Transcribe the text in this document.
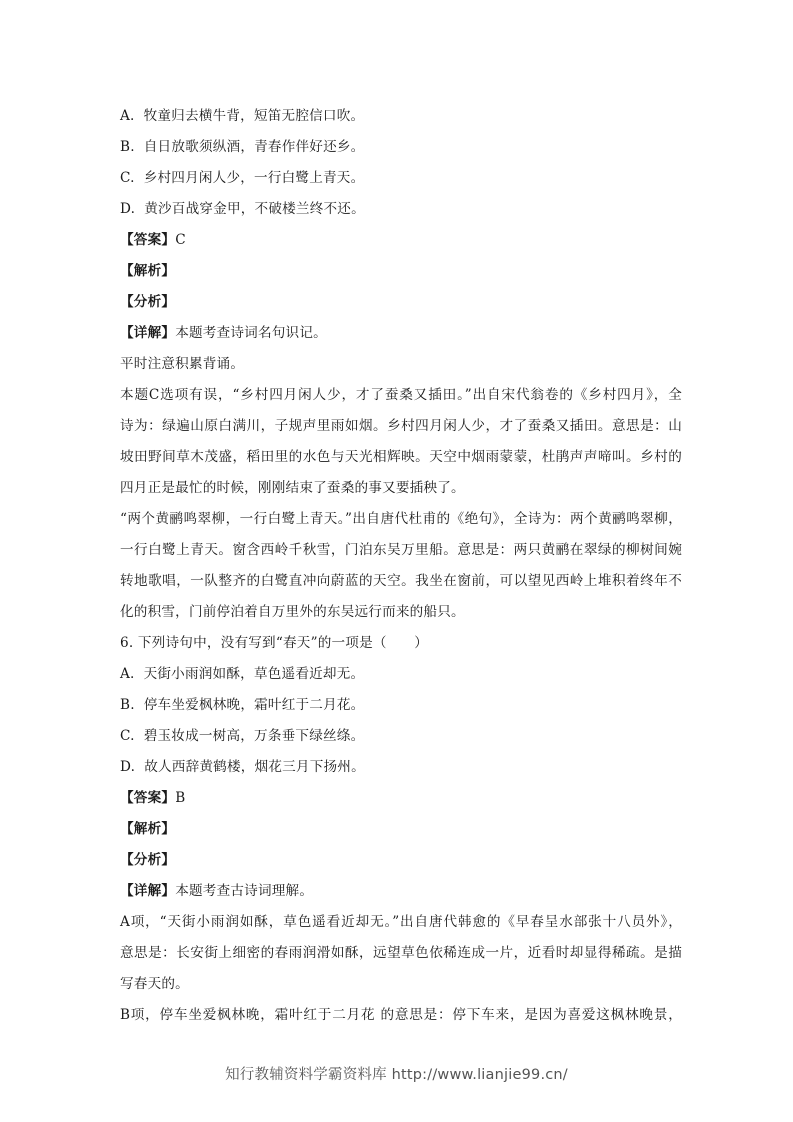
A. 牧童归去横牛背，短笛无腔信口吹。
B. 自日放歌须纵酒，青春作伴好还乡。
C. 乡村四月闲人少，一行白鹭上青天。
D. 黄沙百战穿金甲，不破楼兰终不还。
【答案】C
【解析】
【分析】
【详解】本题考查诗词名句识记。
平时注意积累背诵。
本题C选项有误，“乡村四月闲人少，才了蚕桑又插田。”出自宋代翁卷的《乡村四月》，全
诗为：绿遍山原白满川，子规声里雨如烟。乡村四月闲人少，才了蚕桑又插田。意思是：山
坡田野间草木茂盛，稻田里的水色与天光相辉映。天空中烟雨蒙蒙，杜鹃声声啼叫。乡村的
四月正是最忙的时候，刚刚结束了蚕桑的事又要插秧了。
“两个黄鹂鸣翠柳，一行白鹭上青天。”出自唐代杜甫的《绝句》，全诗为：两个黄鹂鸣翠柳，
一行白鹭上青天。窗含西岭千秋雪，门泊东吴万里船。意思是：两只黄鹂在翠绿的柳树间婉
转地歌唱，一队整齐的白鹭直冲向蔚蓝的天空。我坐在窗前，可以望见西岭上堆积着终年不
化的积雪，门前停泊着自万里外的东吴远行而来的船只。
6. 下列诗句中，没有写到“春天”的一项是（　　）
A. 天街小雨润如酥，草色遥看近却无。
B. 停车坐爱枫林晚，霜叶红于二月花。
C. 碧玉妆成一树高，万条垂下绿丝绦。
D. 故人西辞黄鹤楼，烟花三月下扬州。
【答案】B
【解析】
【分析】
【详解】本题考查古诗词理解。
A项，“天街小雨润如酥，草色遥看近却无。”出自唐代韩愈的《早春呈水部张十八员外》，
意思是：长安街上细密的春雨润滑如酥，远望草色依稀连成一片，近看时却显得稀疏。是描
写春天的。
B项，停车坐爱枫林晚，霜叶红于二月花 的意思是：停下车来，是因为喜爱这枫林晚景，
知行教辅资料学霸资料库 http://www.lianjie99.cn/
